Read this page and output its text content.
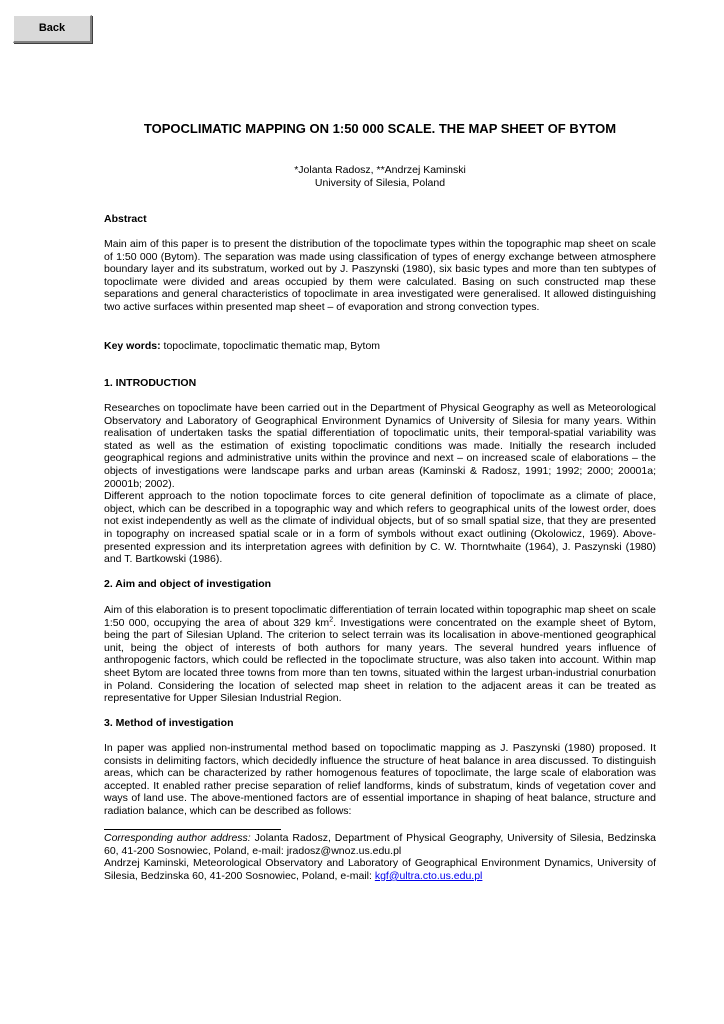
Back
TOPOCLIMATIC MAPPING ON 1:50 000 SCALE. THE MAP SHEET OF BYTOM
*Jolanta Radosz, **Andrzej Kaminski
University of Silesia, Poland
Abstract

Main aim of this paper is to present the distribution of the topoclimate types within the topographic map sheet on scale of 1:50 000 (Bytom). The separation was made using classification of types of energy exchange between atmosphere boundary layer and its substratum, worked out by J. Paszynski (1980), six basic types and more than ten subtypes of topoclimate were divided and areas occupied by them were calculated. Basing on such constructed map these separations and general characteristics of topoclimate in area investigated were generalised. It allowed distinguishing two active surfaces within presented map sheet – of evaporation and strong convection types.

Key words: topoclimate, topoclimatic thematic map, Bytom
1. INTRODUCTION

Researches on topoclimate have been carried out in the Department of Physical Geography as well as Meteorological Observatory and Laboratory of Geographical Environment Dynamics of University of Silesia for many years. Within realisation of undertaken tasks the spatial differentiation of topoclimatic units, their temporal-spatial variability was stated as well as the estimation of existing topoclimatic conditions was made. Initially the research included geographical regions and administrative units within the province and next – on increased scale of elaborations – the objects of investigations were landscape parks and urban areas (Kaminski & Radosz, 1991; 1992; 2000; 20001a; 20001b; 2002).

Different approach to the notion topoclimate forces to cite general definition of topoclimate as a climate of place, object, which can be described in a topographic way and which refers to geographical units of the lowest order, does not exist independently as well as the climate of individual objects, but of so small spatial size, that they are presented in topography on increased spatial scale or in a form of symbols without exact outlining (Okolowicz, 1969). Above-presented expression and its interpretation agrees with definition by C. W. Thorntwhaite (1964), J. Paszynski (1980) and T. Bartkowski (1986).

2. Aim and object of investigation

Aim of this elaboration is to present topoclimatic differentiation of terrain located within topographic map sheet on scale 1:50 000, occupying the area of about 329 $km^2$. Investigations were concentrated on the example sheet of Bytom, being the part of Silesian Upland. The criterion to select terrain was its localisation in above-mentioned geographical unit, being the object of interests of both authors for many years. The several hundred years influence of anthropogenic factors, which could be reflected in the topoclimate structure, was also taken into account. Within map sheet Bytom are located three towns from more than ten towns, situated within the largest urban-industrial conurbation in Poland. Considering the location of selected map sheet in relation to the adjacent areas it can be treated as representative for Upper Silesian Industrial Region.

3. Method of investigation

In paper was applied non-instrumental method based on topoclimatic mapping as J. Paszynski (1980) proposed. It consists in delimiting factors, which decidedly influence the structure of heat balance in area discussed. To distinguish areas, which can be characterized by rather homogenous features of topoclimate, the large scale of elaboration was accepted. It enabled rather precise separation of relief landforms, kinds of substratum, kinds of vegetation cover and ways of land use. The above-mentioned factors are of essential importance in shaping of heat balance, structure and radiation balance, which can be described as follows:

Corresponding author address: Jolanta Radosz, Department of Physical Geography, University of Silesia, Bedzinska 60, 41-200 Sosnowiec, Poland, e-mail: jradosz@wnoz.us.edu.pl

Andrzej Kaminski, Meteorological Observatory and Laboratory of Geographical Environment Dynamics, University of Silesia, Bedzinska 60, 41-200 Sosnowiec, Poland, e-mail: kgf@ultra.cto.us.edu.pl
